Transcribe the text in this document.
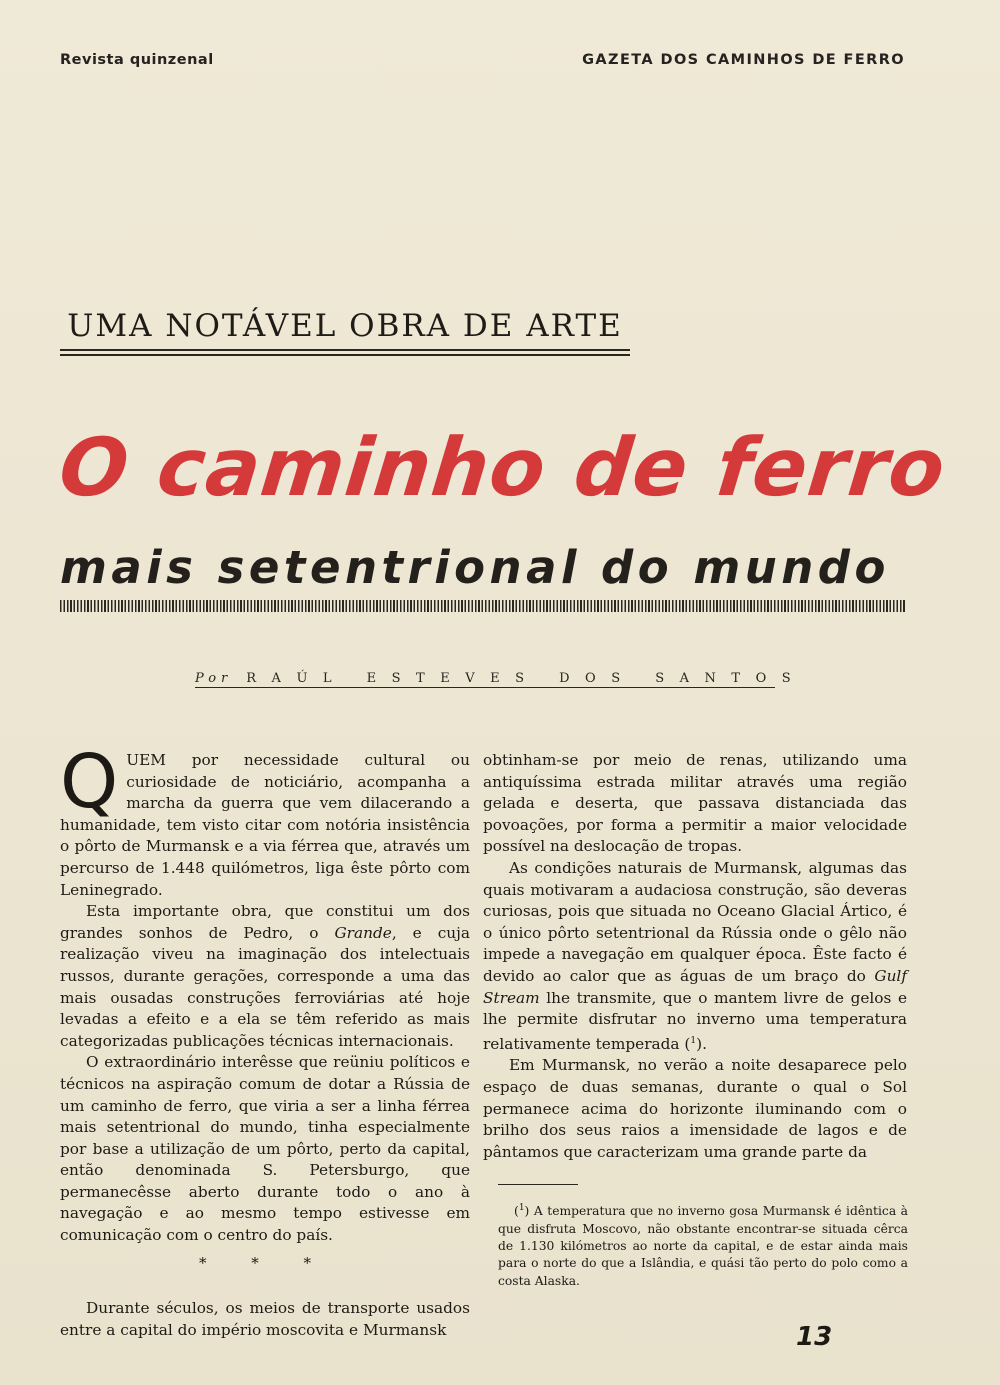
Revista quinzenal	GAZETA DOS CAMINHOS DE FERRO
UMA NOTÁVEL OBRA DE ARTE
O caminho de ferro
mais setentrional do mundo
Por RAÚL ESTEVES DOS SANTOS

QUEM por necessidade cultural ou curiosidade de noticiário, acompanha a marcha da guerra que vem dilacerando a humanidade, tem visto citar com notória insistência o pôrto de Murmansk e a via férrea que, através um percurso de 1.448 quilómetros, liga êste pôrto com Leninegrado.

Esta importante obra, que constitui um dos grandes sonhos de Pedro, o Grande, e cuja realização viveu na imaginação dos intelectuais russos, durante gerações, corresponde a uma das mais ousadas construções ferroviárias até hoje levadas a efeito e a ela se têm referido as mais categorizadas publicações técnicas internacionais.

O extraordinário interêsse que reüniu políticos e técnicos na aspiração comum de dotar a Rússia de um caminho de ferro, que viria a ser a linha férrea mais setentrional do mundo, tinha especialmente por base a utilização de um pôrto, perto da capital, então denominada S. Petersburgo, que permanecêsse aberto durante todo o ano à navegação e ao mesmo tempo estivesse em comunicação com o centro do país.

* * *

Durante séculos, os meios de transporte usados entre a capital do império moscovita e Murmansk

obtinham-se por meio de renas, utilizando uma antiquíssima estrada militar através uma região gelada e deserta, que passava distanciada das povoações, por forma a permitir a maior velocidade possível na deslocação de tropas.

As condições naturais de Murmansk, algumas das quais motivaram a audaciosa construção, são deveras curiosas, pois que situada no Oceano Glacial Ártico, é o único pôrto setentrional da Rússia onde o gêlo não impede a navegação em qualquer época. Êste facto é devido ao calor que as águas de um braço do Gulf Stream lhe transmite, que o mantem livre de gelos e lhe permite disfrutar no inverno uma temperatura relativamente temperada ($^1$).

Em Murmansk, no verão a noite desaparece pelo espaço de duas semanas, durante o qual o Sol permanece acima do horizonte iluminando com o brilho dos seus raios a imensidade de lagos e de pântamos que caracterizam uma grande parte da

($^1$) A temperatura que no inverno gosa Murmansk é idêntica à que disfruta Moscovo, não obstante encontrar-se situada cêrca de 1.130 kilómetros ao norte da capital, e de estar ainda mais para o norte do que a Islândia, e quási tão perto do polo como a costa Alaska.

13
